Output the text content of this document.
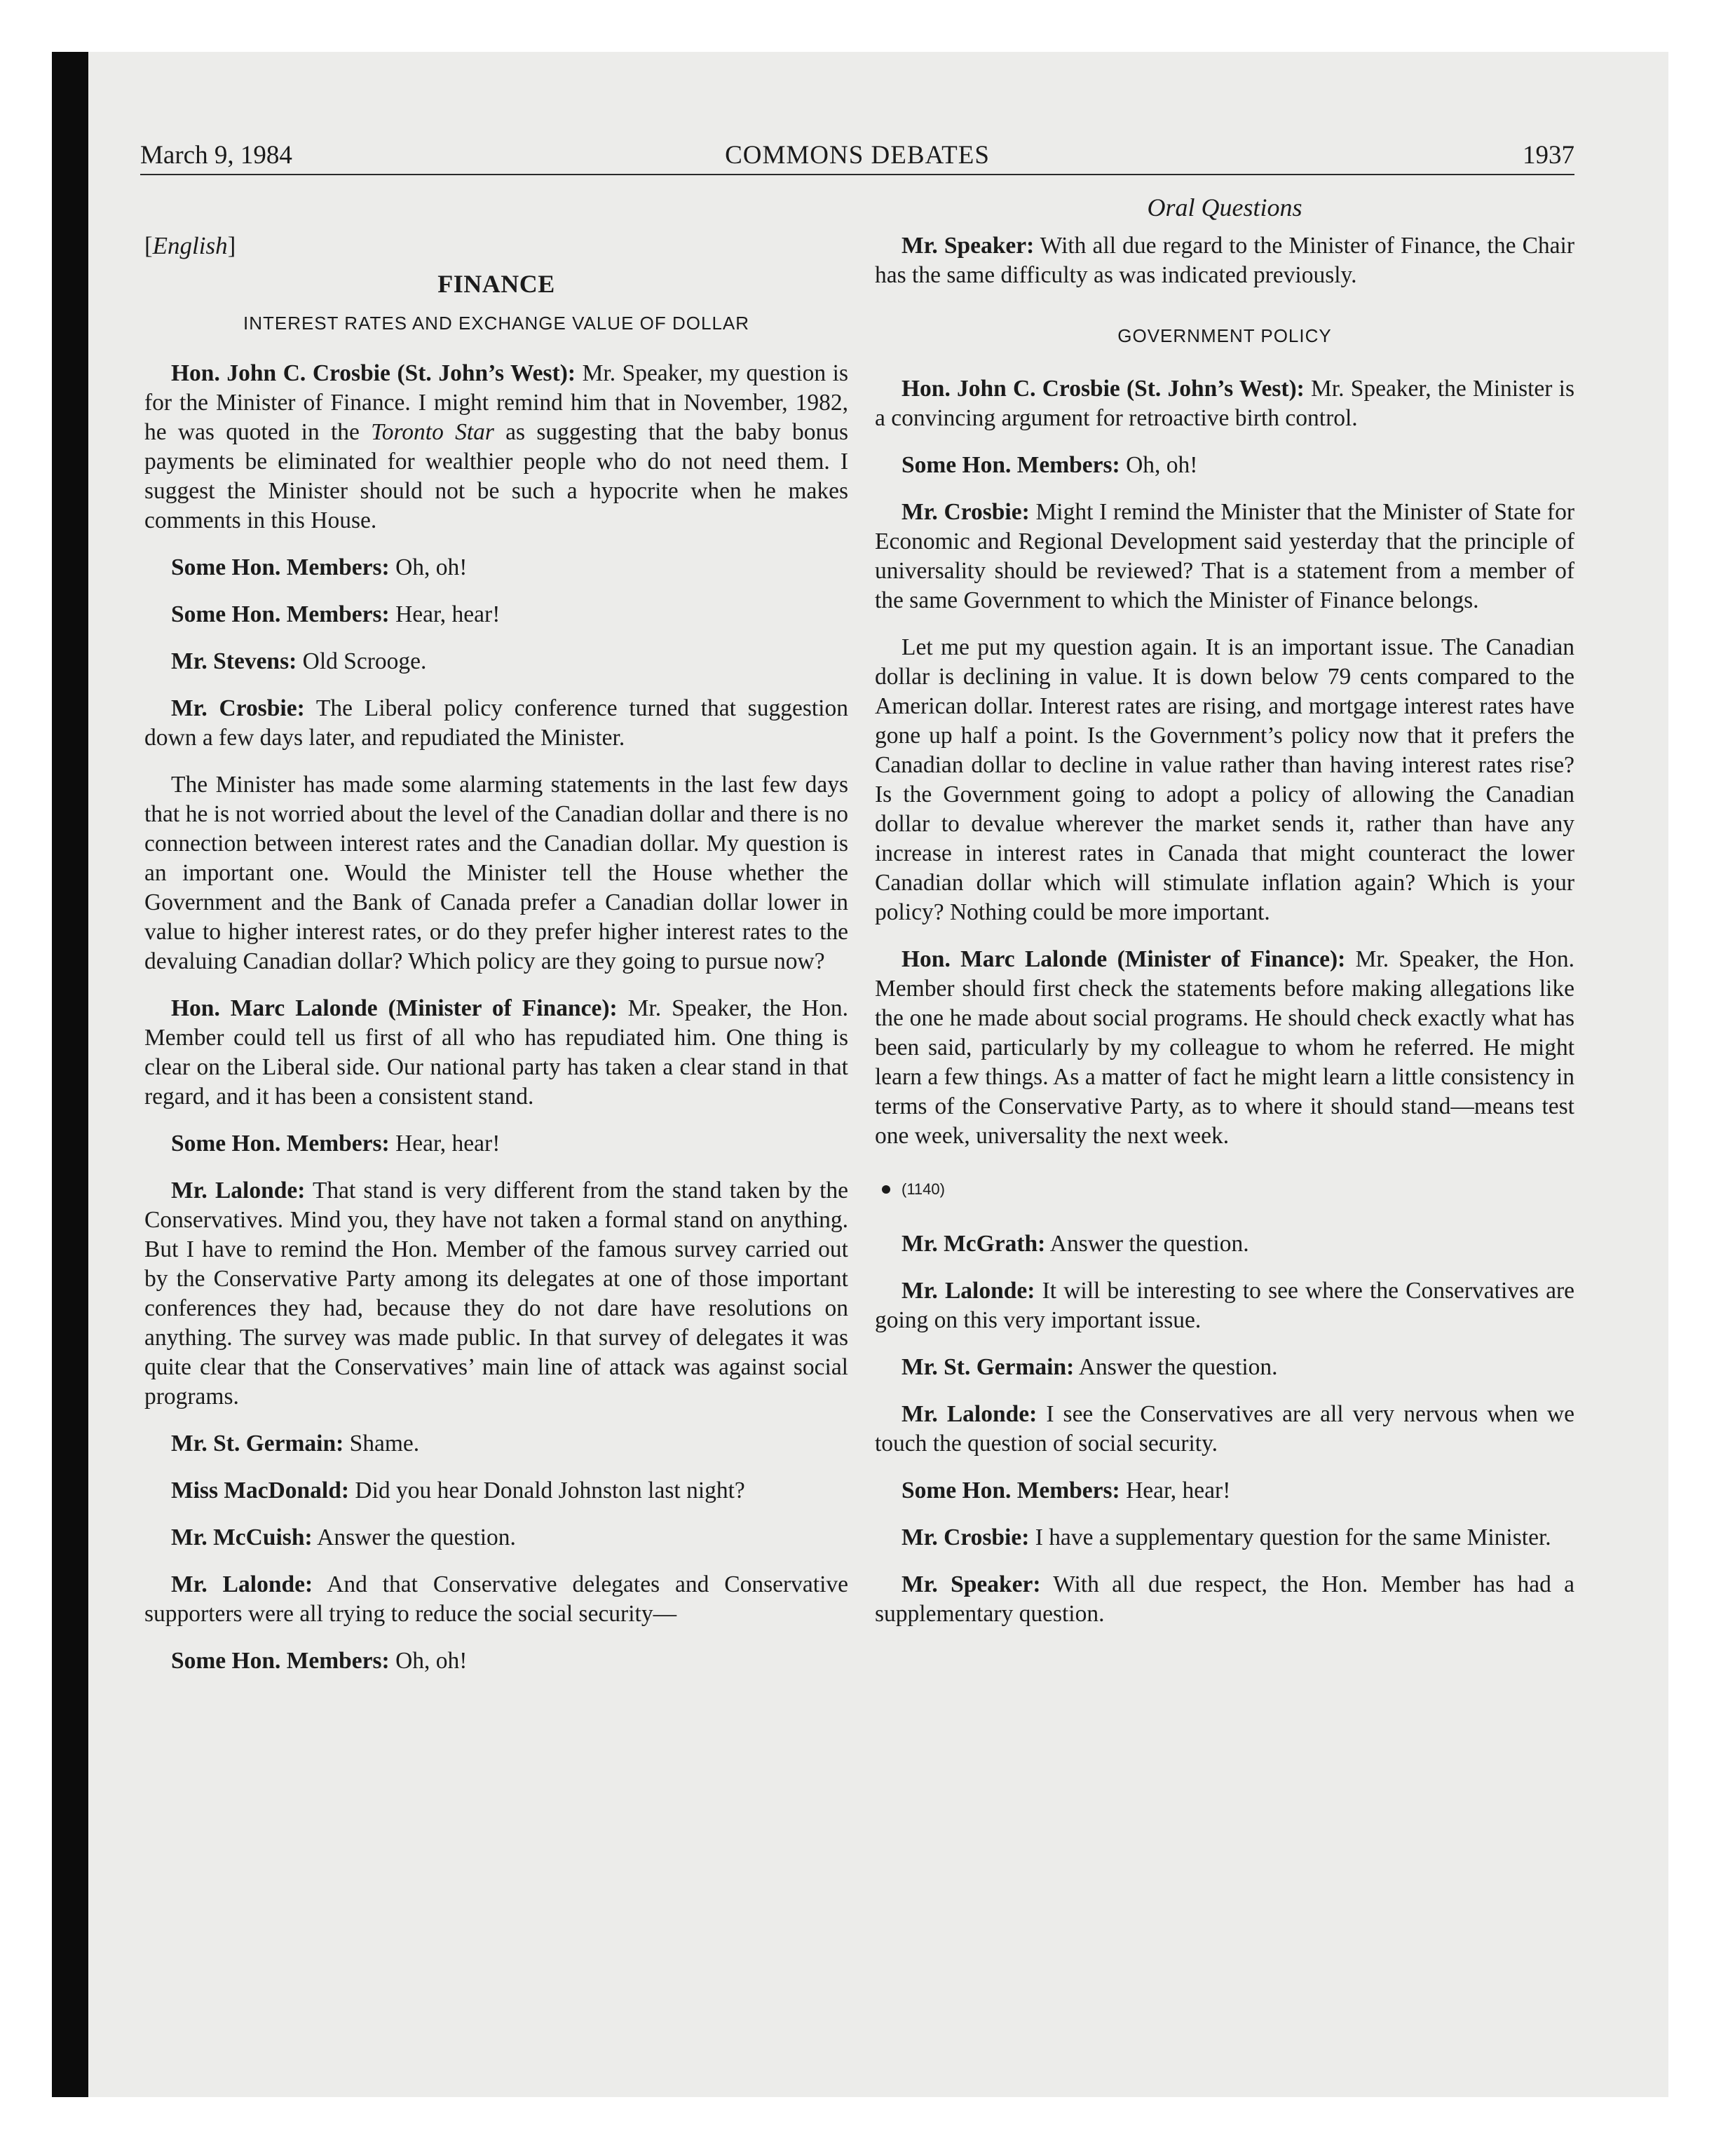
March 9, 1984	COMMONS DEBATES	1937
Oral Questions

[English]

FINANCE

INTEREST RATES AND EXCHANGE VALUE OF DOLLAR

Hon. John C. Crosbie (St. John’s West): Mr. Speaker, my question is for the Minister of Finance. I might remind him that in November, 1982, he was quoted in the Toronto Star as suggesting that the baby bonus payments be eliminated for wealthier people who do not need them. I suggest the Minister should not be such a hypocrite when he makes comments in this House.

Some Hon. Members: Oh, oh!

Some Hon. Members: Hear, hear!

Mr. Stevens: Old Scrooge.

Mr. Crosbie: The Liberal policy conference turned that suggestion down a few days later, and repudiated the Minister.

The Minister has made some alarming statements in the last few days that he is not worried about the level of the Canadian dollar and there is no connection between interest rates and the Canadian dollar. My question is an important one. Would the Minister tell the House whether the Government and the Bank of Canada prefer a Canadian dollar lower in value to higher interest rates, or do they prefer higher interest rates to the devaluing Canadian dollar? Which policy are they going to pursue now?

Hon. Marc Lalonde (Minister of Finance): Mr. Speaker, the Hon. Member could tell us first of all who has repudiated him. One thing is clear on the Liberal side. Our national party has taken a clear stand in that regard, and it has been a consistent stand.

Some Hon. Members: Hear, hear!

Mr. Lalonde: That stand is very different from the stand taken by the Conservatives. Mind you, they have not taken a formal stand on anything. But I have to remind the Hon. Member of the famous survey carried out by the Conservative Party among its delegates at one of those important conferences they had, because they do not dare have resolutions on anything. The survey was made public. In that survey of delegates it was quite clear that the Conservatives’ main line of attack was against social programs.

Mr. St. Germain: Shame.

Miss MacDonald: Did you hear Donald Johnston last night?

Mr. McCuish: Answer the question.

Mr. Lalonde: And that Conservative delegates and Conservative supporters were all trying to reduce the social security—

Some Hon. Members: Oh, oh!

Mr. Speaker: With all due regard to the Minister of Finance, the Chair has the same difficulty as was indicated previously.

GOVERNMENT POLICY

Hon. John C. Crosbie (St. John’s West): Mr. Speaker, the Minister is a convincing argument for retroactive birth control.

Some Hon. Members: Oh, oh!

Mr. Crosbie: Might I remind the Minister that the Minister of State for Economic and Regional Development said yesterday that the principle of universality should be reviewed? That is a statement from a member of the same Government to which the Minister of Finance belongs.

Let me put my question again. It is an important issue. The Canadian dollar is declining in value. It is down below 79 cents compared to the American dollar. Interest rates are rising, and mortgage interest rates have gone up half a point. Is the Government’s policy now that it prefers the Canadian dollar to decline in value rather than having interest rates rise? Is the Government going to adopt a policy of allowing the Canadian dollar to devalue wherever the market sends it, rather than have any increase in interest rates in Canada that might counteract the lower Canadian dollar which will stimulate inflation again? Which is your policy? Nothing could be more important.

Hon. Marc Lalonde (Minister of Finance): Mr. Speaker, the Hon. Member should first check the statements before making allegations like the one he made about social programs. He should check exactly what has been said, particularly by my colleague to whom he referred. He might learn a few things. As a matter of fact he might learn a little consistency in terms of the Conservative Party, as to where it should stand—means test one week, universality the next week.

(1140)

Mr. McGrath: Answer the question.

Mr. Lalonde: It will be interesting to see where the Conservatives are going on this very important issue.

Mr. St. Germain: Answer the question.

Mr. Lalonde: I see the Conservatives are all very nervous when we touch the question of social security.

Some Hon. Members: Hear, hear!

Mr. Crosbie: I have a supplementary question for the same Minister.

Mr. Speaker: With all due respect, the Hon. Member has had a supplementary question.
